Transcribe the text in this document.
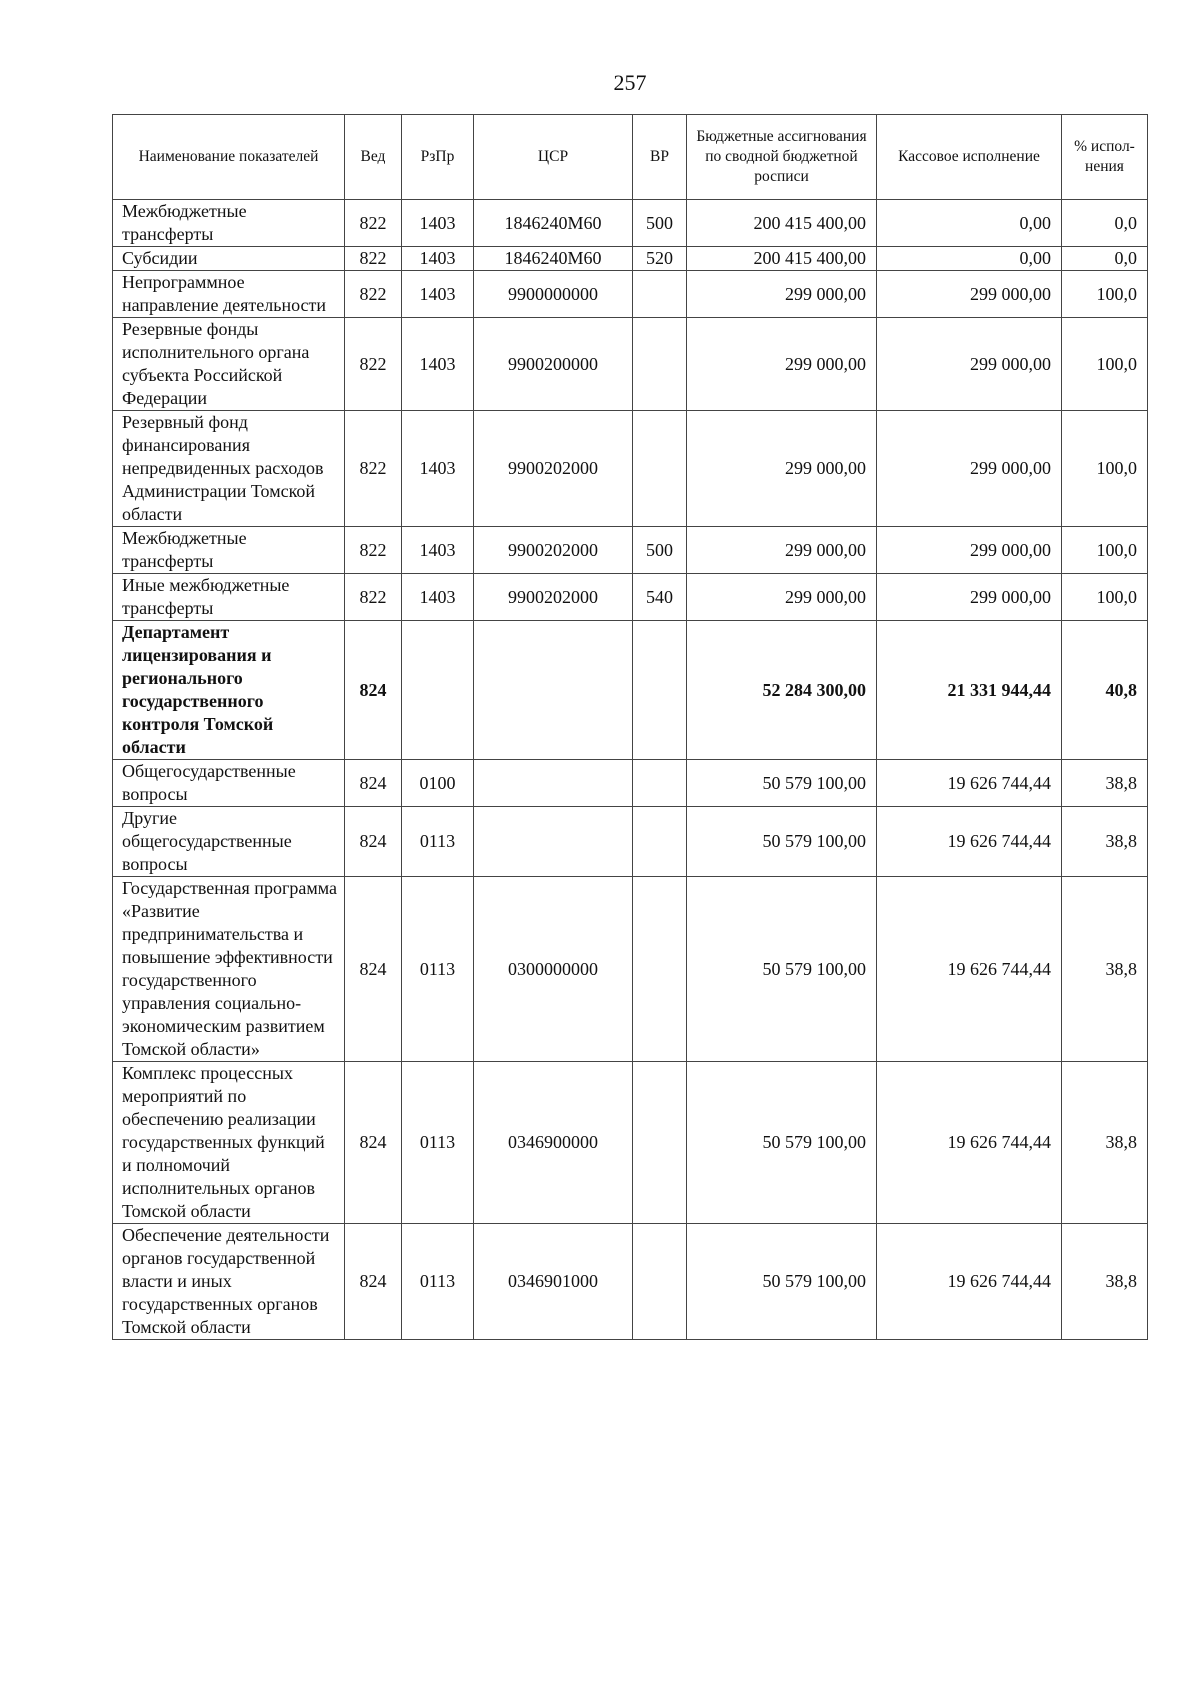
257
Наименование показателей	Вед	РзПр	ЦСР	ВР	Бюджетные ассигнования по сводной бюджетной росписи	Кассовое исполнение	% испол-нения
Межбюджетные трансферты	822	1403	1846240М60	500	200 415 400,00	0,00	0,0
Субсидии	822	1403	1846240М60	520	200 415 400,00	0,00	0,0
Непрограммное направление деятельности	822	1403	9900000000		299 000,00	299 000,00	100,0
Резервные фонды исполнительного органа субъекта Российской Федерации	822	1403	9900200000		299 000,00	299 000,00	100,0
Резервный фонд финансирования непредвиденных расходов Администрации Томской области	822	1403	9900202000		299 000,00	299 000,00	100,0
Межбюджетные трансферты	822	1403	9900202000	500	299 000,00	299 000,00	100,0
Иные межбюджетные трансферты	822	1403	9900202000	540	299 000,00	299 000,00	100,0
Департамент лицензирования и регионального государственного контроля Томской области	824				52 284 300,00	21 331 944,44	40,8
Общегосударственные вопросы	824	0100			50 579 100,00	19 626 744,44	38,8
Другие общегосударственные вопросы	824	0113			50 579 100,00	19 626 744,44	38,8
Государственная программа «Развитие предпринимательства и повышение эффективности государственного управления социально-экономическим развитием Томской области»	824	0113	0300000000		50 579 100,00	19 626 744,44	38,8
Комплекс процессных мероприятий по обеспечению реализации государственных функций и полномочий исполнительных органов Томской области	824	0113	0346900000		50 579 100,00	19 626 744,44	38,8
Обеспечение деятельности органов государственной власти и иных государственных органов Томской области	824	0113	0346901000		50 579 100,00	19 626 744,44	38,8
